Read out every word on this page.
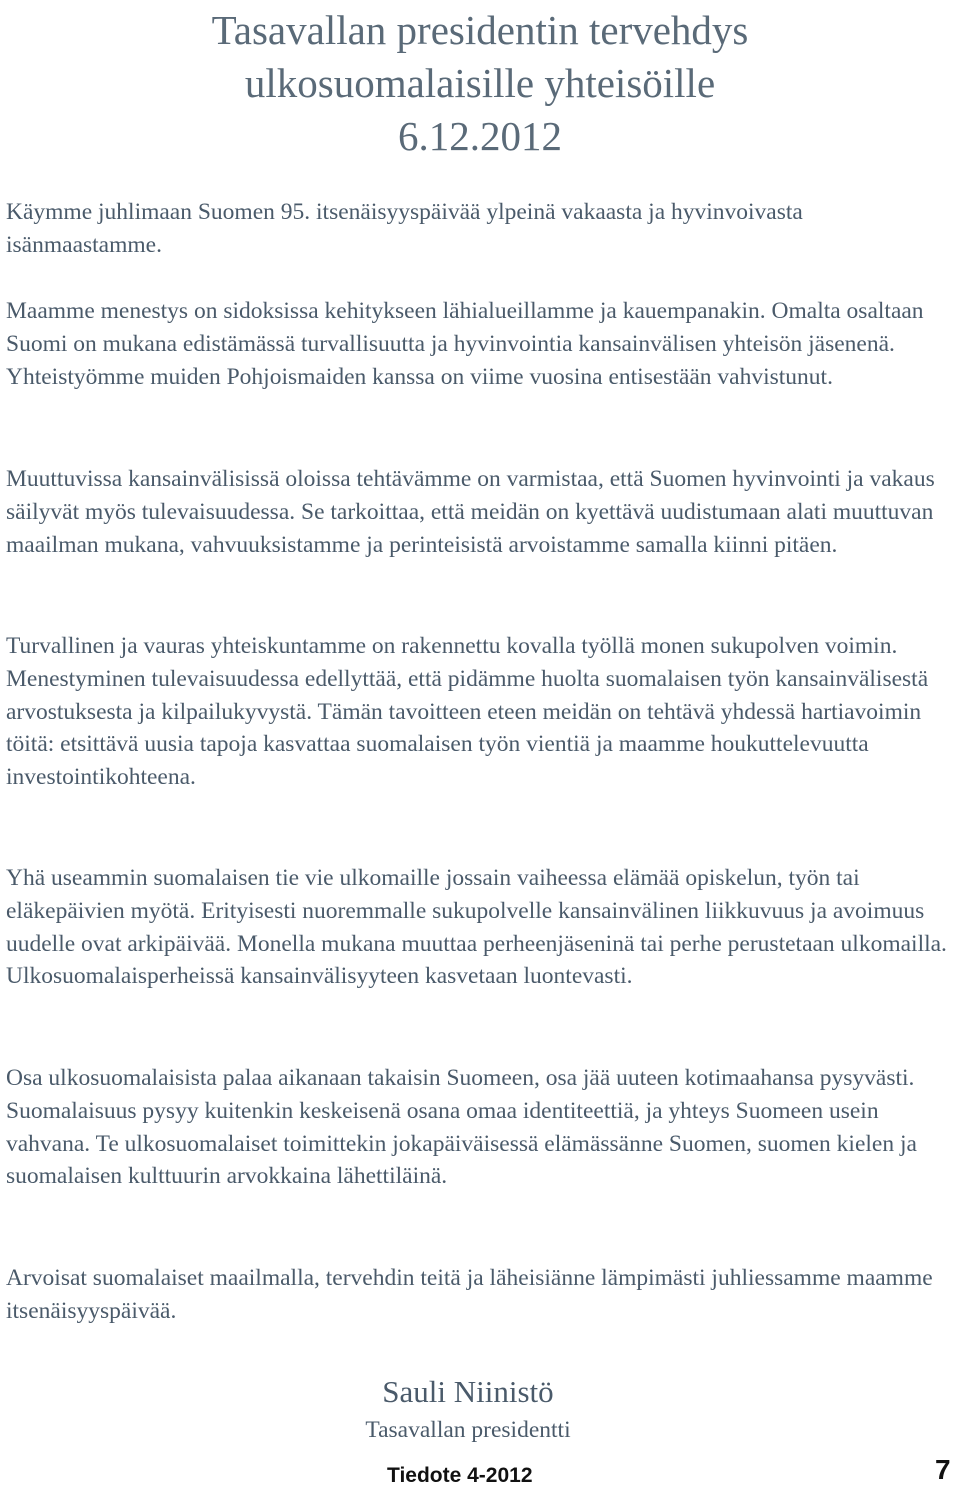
Tasavallan presidentin tervehdys
ulkosuomalaisille yhteisöille
6.12.2012

Käymme juhlimaan Suomen 95. itsenäisyyspäivää ylpeinä vakaasta ja hyvinvoivasta isänmaastamme.

Maamme menestys on sidoksissa kehitykseen lähialueillamme ja kauempanakin. Omalta osaltaan Suomi on mukana edistämässä turvallisuutta ja hyvinvointia kansainvälisen yhteisön jäsenenä. Yhteistyömme muiden Pohjoismaiden kanssa on viime vuosina entisestään vahvistunut.

Muuttuvissa kansainvälisissä oloissa tehtävämme on varmistaa, että Suomen hyvinvointi ja vakaus säilyvät myös tulevaisuudessa. Se tarkoittaa, että meidän on kyettävä uudistumaan alati muuttuvan maailman mukana, vahvuuksistamme ja perinteisistä arvoistamme samalla kiinni pitäen.

Turvallinen ja vauras yhteiskuntamme on rakennettu kovalla työllä monen sukupolven voimin. Menestyminen tulevaisuudessa edellyttää, että pidämme huolta suomalaisen työn kansainvälisestä arvostuksesta ja kilpailukyvystä. Tämän tavoitteen eteen meidän on tehtävä yhdessä hartiavoimin töitä: etsittävä uusia tapoja kasvattaa suomalaisen työn vientiä ja maamme houkuttelevuutta investointikohteena.

Yhä useammin suomalaisen tie vie ulkomaille jossain vaiheessa elämää opiskelun, työn tai eläkepäivien myötä. Erityisesti nuoremmalle sukupolvelle kansainvälinen liikkuvuus ja avoimuus uudelle ovat arkipäivää. Monella mukana muuttaa perheenjäseninä tai perhe perustetaan ulkomailla. Ulkosuomalaisperheissä kansainvälisyyteen kasvetaan luontevasti.

Osa ulkosuomalaisista palaa aikanaan takaisin Suomeen, osa jää uuteen kotimaahansa pysyvästi. Suomalaisuus pysyy kuitenkin keskeisenä osana omaa identiteettiä, ja yhteys Suomeen usein vahvana. Te ulkosuomalaiset toimittekin jokapäiväisessä elämässänne Suomen, suomen kielen ja suomalaisen kulttuurin arvokkaina lähettiläinä.

Arvoisat suomalaiset maailmalla, tervehdin teitä ja läheisiänne lämpimästi juhliessamme maamme itsenäisyyspäivää.

Sauli Niinistö
Tasavallan presidentti
Tiedote 4-2012	7
